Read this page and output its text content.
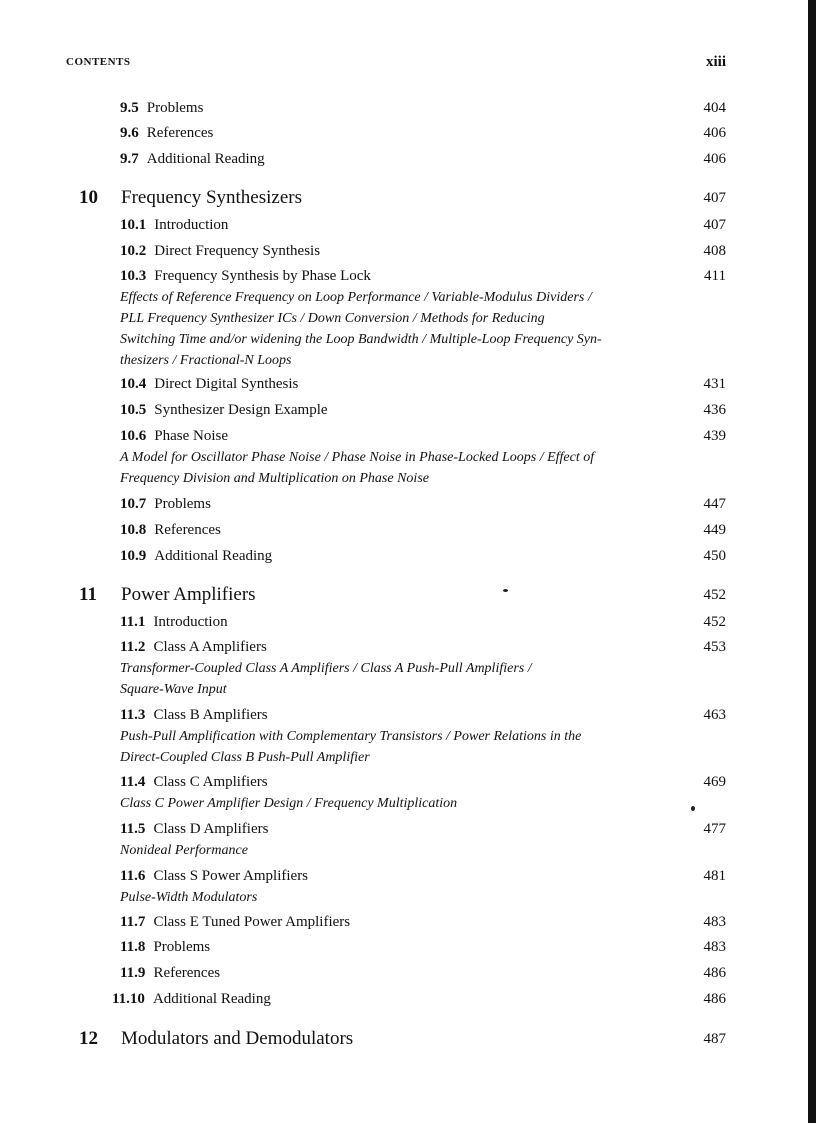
CONTENTS	xiii
9.5 Problems	404
9.6 References	406
9.7 Additional Reading	406
10 Frequency Synthesizers	407
10.1 Introduction	407
10.2 Direct Frequency Synthesis	408
10.3 Frequency Synthesis by Phase Lock	411
Effects of Reference Frequency on Loop Performance / Variable-Modulus Dividers /
PLL Frequency Synthesizer ICs / Down Conversion / Methods for Reducing
Switching Time and/or widening the Loop Bandwidth / Multiple-Loop Frequency Syn-
thesizers / Fractional-N Loops
10.4 Direct Digital Synthesis	431
10.5 Synthesizer Design Example	436
10.6 Phase Noise	439
A Model for Oscillator Phase Noise / Phase Noise in Phase-Locked Loops / Effect of
Frequency Division and Multiplication on Phase Noise
10.7 Problems	447
10.8 References	449
10.9 Additional Reading	450
11 Power Amplifiers	452
11.1 Introduction	452
11.2 Class A Amplifiers	453
Transformer-Coupled Class A Amplifiers / Class A Push-Pull Amplifiers /
Square-Wave Input
11.3 Class B Amplifiers	463
Push-Pull Amplification with Complementary Transistors / Power Relations in the
Direct-Coupled Class B Push-Pull Amplifier
11.4 Class C Amplifiers	469
Class C Power Amplifier Design / Frequency Multiplication
11.5 Class D Amplifiers	477
Nonideal Performance
11.6 Class S Power Amplifiers	481
Pulse-Width Modulators
11.7 Class E Tuned Power Amplifiers	483
11.8 Problems	483
11.9 References	486
11.10 Additional Reading	486
12 Modulators and Demodulators	487
